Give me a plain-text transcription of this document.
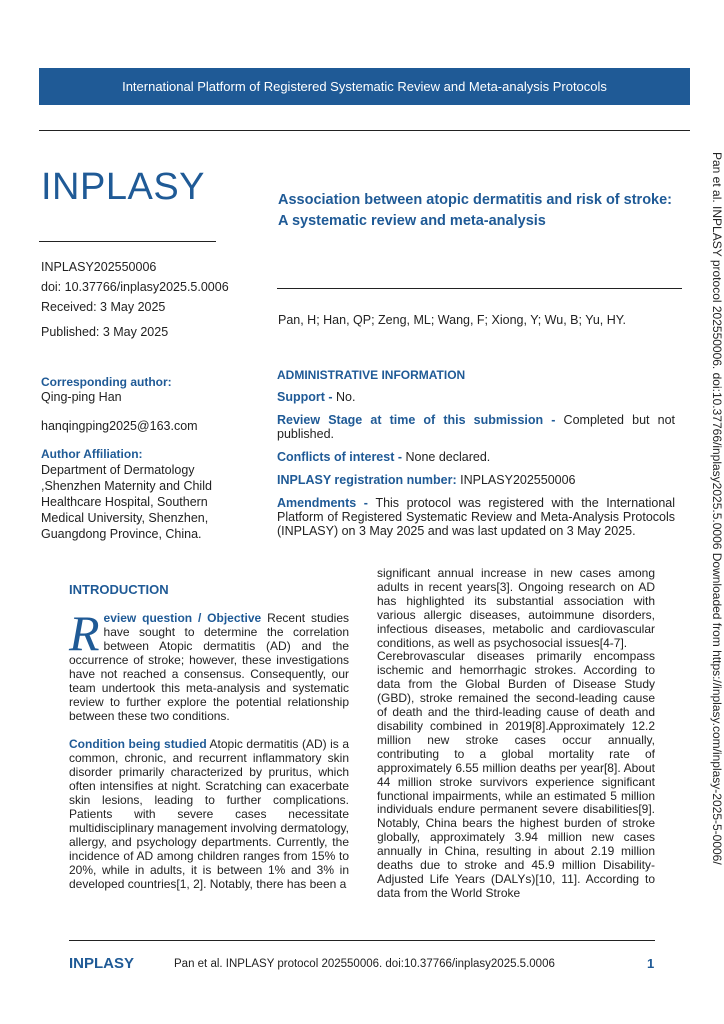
International Platform of Registered Systematic Review and Meta-analysis Protocols
INPLASY
INPLASY202550006
doi: 10.37766/inplasy2025.5.0006
Received: 3 May 2025
Published: 3 May 2025
Association between atopic dermatitis and risk of stroke: A systematic review and meta-analysis
Pan, H; Han, QP; Zeng, ML; Wang, F; Xiong, Y; Wu, B; Yu, HY.
Corresponding author:
Qing-ping Han
hanqingping2025@163.com
Author Affiliation:
Department of Dermatology ,Shenzhen Maternity and Child Healthcare Hospital, Southern Medical University, Shenzhen, Guangdong Province, China.
ADMINISTRATIVE INFORMATION

Support - No.

Review Stage at time of this submission - Completed but not published.

Conflicts of interest - None declared.

INPLASY registration number: INPLASY202550006

Amendments - This protocol was registered with the International Platform of Registered Systematic Review and Meta-Analysis Protocols (INPLASY) on 3 May 2025 and was last updated on 3 May 2025.

INTRODUCTION

Review question / Objective Recent studies have sought to determine the correlation between Atopic dermatitis (AD) and the occurrence of stroke; however, these investigations have not reached a consensus. Consequently, our team undertook this meta-analysis and systematic review to further explore the potential relationship between these two conditions.

Condition being studied Atopic dermatitis (AD) is a common, chronic, and recurrent inflammatory skin disorder primarily characterized by pruritus, which often intensifies at night. Scratching can exacerbate skin lesions, leading to further complications. Patients with severe cases necessitate multidisciplinary management involving dermatology, allergy, and psychology departments. Currently, the incidence of AD among children ranges from 15% to 20%, while in adults, it is between 1% and 3% in developed countries[1, 2]. Notably, there has been a

significant annual increase in new cases among adults in recent years[3]. Ongoing research on AD has highlighted its substantial association with various allergic diseases, autoimmune disorders, infectious diseases, metabolic and cardiovascular conditions, as well as psychosocial issues[4-7].

Cerebrovascular diseases primarily encompass ischemic and hemorrhagic strokes. According to data from the Global Burden of Disease Study (GBD), stroke remained the second-leading cause of death and the third-leading cause of death and disability combined in 2019[8].Approximately 12.2 million new stroke cases occur annually, contributing to a global mortality rate of approximately 6.55 million deaths per year[8]. About 44 million stroke survivors experience significant functional impairments, while an estimated 5 million individuals endure permanent severe disabilities[9]. Notably, China bears the highest burden of stroke globally, approximately 3.94 million new cases annually in China, resulting in about 2.19 million deaths due to stroke and 45.9 million Disability-Adjusted Life Years (DALYs)[10, 11]. According to data from the World Stroke

Pan et al. INPLASY protocol 202550006. doi:10.37766/inplasy2025.5.0006 Downloaded from https://inplasy.com/inplasy-2025-5-0006/
INPLASY	Pan et al. INPLASY protocol 202550006. doi:10.37766/inplasy2025.5.0006	1
